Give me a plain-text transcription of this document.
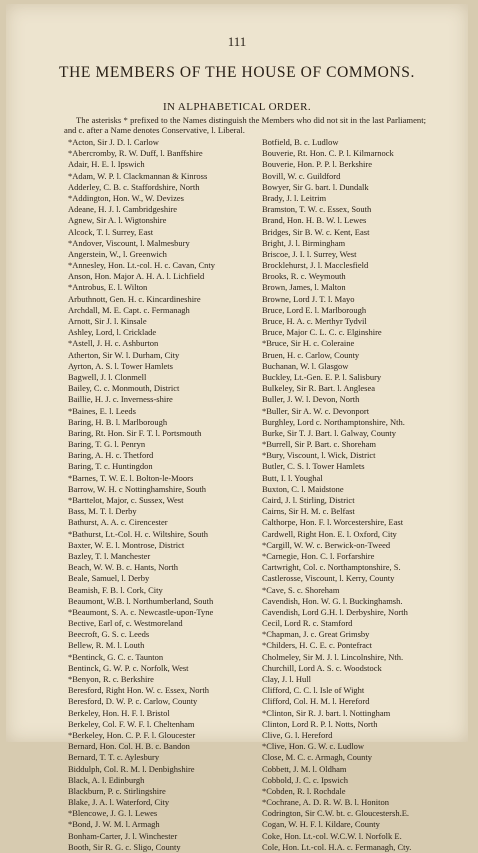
111
THE MEMBERS OF THE HOUSE OF COMMONS.
IN ALPHABETICAL ORDER.
The asterisks * prefixed to the Names distinguish the Members who did not sit in the last Parliament; and c. after a Name denotes Conservative, l. Liberal.
*Acton, Sir J. D. l. Carlow
*Abercromby, R. W. Duff, l. Banffshire
Adair, H. E. l. Ipswich
*Adam, W. P. l. Clackmannan & Kinross
Adderley, C. B. c. Staffordshire, North
*Addington, Hon. W., W. Devizes
Adeane, H. J. l. Cambridgeshire
Agnew, Sir A. l. Wigtonshire
Alcock, T. l. Surrey, East
*Andover, Viscount, l. Malmesbury
Angerstein, W., l. Greenwich
*Annesley, Hon. Lt.-col. H. c. Cavan, Cnty
Anson, Hon. Major A. H. A. l. Lichfield
*Antrobus, E. l. Wilton
Arbuthnott, Gen. H. c. Kincardineshire
Archdall, M. E. Capt. c. Fermanagh
Arnott, Sir J. l. Kinsale
Ashley, Lord, l. Cricklade
*Astell, J. H. c. Ashburton
Atherton, Sir W. l. Durham, City
Ayrton, A. S. l. Tower Hamlets
Bagwell, J. l. Clonmell
Bailey, C. c. Monmouth, District
Baillie, H. J. c. Inverness-shire
*Baines, E. l. Leeds
Baring, H. B. l. Marlborough
Baring, Rt. Hon. Sir F. T. l. Portsmouth
Baring, T. G. l. Penryn
Baring, A. H. c. Thetford
Baring, T. c. Huntingdon
*Barnes, T. W. E. l. Bolton-le-Moors
Barrow, W. H. c Nottinghamshire, South
*Barttelot, Major, c. Sussex, West
Bass, M. T. l. Derby
Bathurst, A. A. c. Cirencester
*Bathurst, Lt.-Col. H. c. Wiltshire, South
Baxter, W. E. l. Montrose, District
Bazley, T. l. Manchester
Beach, W. W. B. c. Hants, North
Beale, Samuel, l. Derby
Beamish, F. B. l. Cork, City
Beaumont, W.B. l. Northumberland, South
*Beaumont, S. A. c. Newcastle-upon-Tyne
Bective, Earl of, c. Westmoreland
Beecroft, G. S. c. Leeds
Bellew, R. M. l. Louth
*Bentinck, G. C. c. Taunton
Bentinck, G. W. P. c. Norfolk, West
*Benyon, R. c. Berkshire
Beresford, Right Hon. W. c. Essex, North
Beresford, D. W. P. c. Carlow, County
Berkeley, Hon. H. F. l. Bristol
Berkeley, Col. F. W. F. l. Cheltenham
*Berkeley, Hon. C. P. F. l. Gloucester
Bernard, Hon. Col. H. B. c. Bandon
Bernard, T. T. c. Aylesbury
Biddulph, Col. R. M. l. Denbighshire
Black, A. l. Edinburgh
Blackburn, P. c. Stirlingshire
Blake, J. A. l. Waterford, City
*Blencowe, J. G. l. Lewes
*Bond, J. W. M. l. Armagh
Bonham-Carter, J. l. Winchester
Booth, Sir R. G. c. Sligo, County
Botfield, B. c. Ludlow
Bouverie, Rt. Hon. C. P. l. Kilmarnock
Bouverie, Hon. P. P. l. Berkshire
Bovill, W. c. Guildford
Bowyer, Sir G. bart. l. Dundalk
Brady, J. l. Leitrim
Bramston, T. W. c. Essex, South
Brand, Hon. H. B. W. l. Lewes
Bridges, Sir B. W. c. Kent, East
Bright, J. l. Birmingham
Briscoe, J. I. l. Surrey, West
Brocklehurst, J. l. Macclesfield
Brooks, R. c. Weymouth
Brown, James, l. Malton
Browne, Lord J. T. l. Mayo
Bruce, Lord E. l. Marlborough
Bruce, H. A. c. Merthyr Tydvil
Bruce, Major C. L. C. c. Elginshire
*Bruce, Sir H. c. Coleraine
Bruen, H. c. Carlow, County
Buchanan, W. l. Glasgow
Buckley, Lt.-Gen. E. P. l. Salisbury
Bulkeley, Sir R. Bart. l. Anglesea
Buller, J. W. l. Devon, North
*Buller, Sir A. W. c. Devonport
Burghley, Lord c. Northamptonshire, Nth.
Burke, Sir T. J. Bart. l. Galway, County
*Burrell, Sir P. Bart. c. Shoreham
*Bury, Viscount, l. Wick, District
Butler, C. S. l. Tower Hamlets
Butt, I. l. Youghal
Buxton, C. l. Maidstone
Caird, J. l. Stirling, District
Cairns, Sir H. M. c. Belfast
Calthorpe, Hon. F. l. Worcestershire, East
Cardwell, Right Hon. E. l. Oxford, City
*Cargill, W. W. c. Berwick-on-Tweed
*Carnegie, Hon. C. l. Forfarshire
Cartwright, Col. c. Northamptonshire, S.
Castlerosse, Viscount, l. Kerry, County
*Cave, S. c. Shoreham
Cavendish, Hon. W. G. l. Buckinghamsh.
Cavendish, Lord G.H. l. Derbyshire, North
Cecil, Lord R. c. Stamford
*Chapman, J. c. Great Grimsby
*Childers, H. C. E. c. Pontefract
Cholmeley, Sir M. J. l. Lincolnshire, Nth.
Churchill, Lord A. S. c. Woodstock
Clay, J. l. Hull
Clifford, C. C. l. Isle of Wight
Clifford, Col. H. M. l. Hereford
*Clinton, Sir R. J. bart. l. Nottingham
Clinton, Lord R. P. l. Notts, North
Clive, G. l. Hereford
*Clive, Hon. G. W. c. Ludlow
Close, M. C. c. Armagh, County
Cobbett, J. M. l. Oldham
Cobbold, J. C. c. Ipswich
*Cobden, R. l. Rochdale
*Cochrane, A. D. R. W. B. l. Honiton
Codrington, Sir C.W. bt. c. Gloucestersh.E.
Cogan, W. H. F. l. Kildare, County
Coke, Hon. Lt.-col. W.C.W. l. Norfolk E.
Cole, Hon. Lt.-col. H.A. c. Fermanagh, Cty.
